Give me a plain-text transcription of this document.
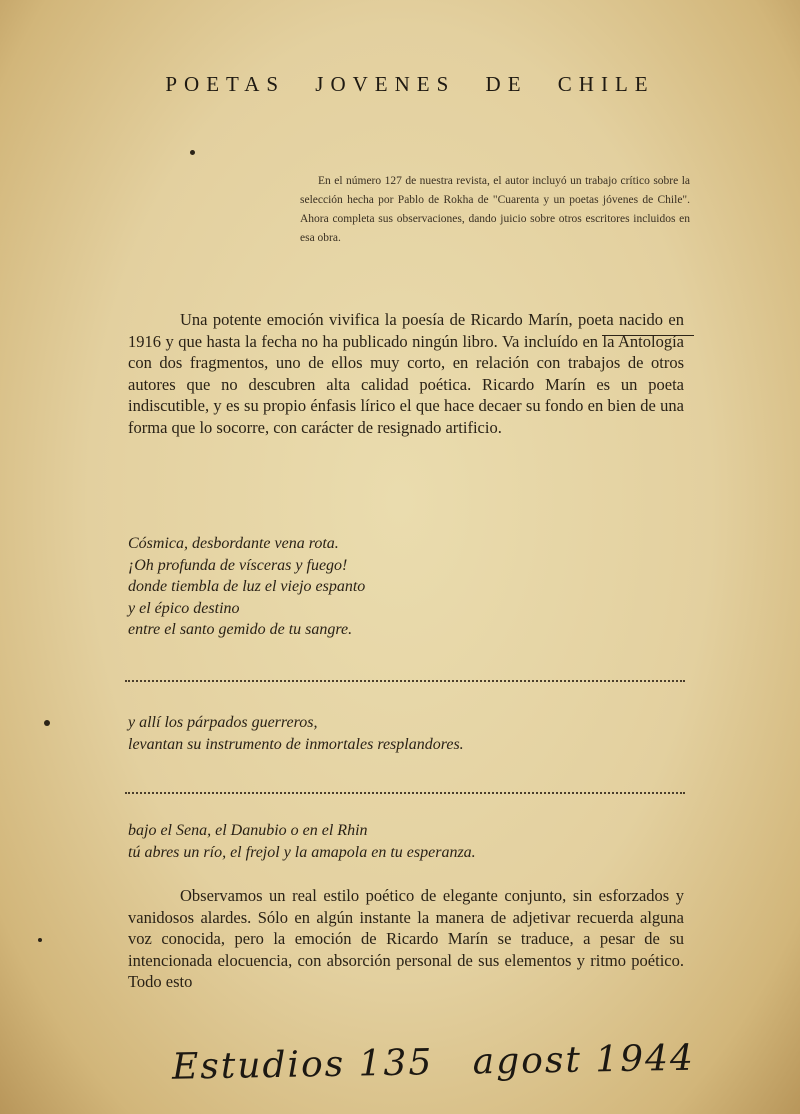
POETAS JOVENES DE CHILE
En el número 127 de nuestra revista, el autor incluyó un trabajo crítico sobre la selección hecha por Pablo de Rokha de "Cuarenta y un poetas jóvenes de Chile". Ahora completa sus observaciones, dando juicio sobre otros escritores incluidos en esa obra.
Una potente emoción vivifica la poesía de Ricardo Marín, poeta nacido en 1916 y que hasta la fecha no ha publicado ningún libro. Va incluído en la Antología con dos fragmentos, uno de ellos muy corto, en relación con trabajos de otros autores que no descubren alta calidad poética. Ricardo Marín es un poeta indiscutible, y es su propio énfasis lírico el que hace decaer su fondo en bien de una forma que lo socorre, con carácter de resignado artificio.
Cósmica, desbordante vena rota.
¡Oh profunda de vísceras y fuego!
donde tiembla de luz el viejo espanto
y el épico destino
entre el santo gemido de tu sangre.
y allí los párpados guerreros,
levantan su instrumento de inmortales resplandores.
bajo el Sena, el Danubio o en el Rhin
tú abres un río, el frejol y la amapola en tu esperanza.
Observamos un real estilo poético de elegante conjunto, sin esforzados y vanidosos alardes. Sólo en algún instante la manera de adjetivar recuerda alguna voz conocida, pero la emoción de Ricardo Marín se traduce, a pesar de su intencionada elocuencia, con absorción personal de sus elementos y ritmo poético. Todo esto
Estudios 135 agost 1944
